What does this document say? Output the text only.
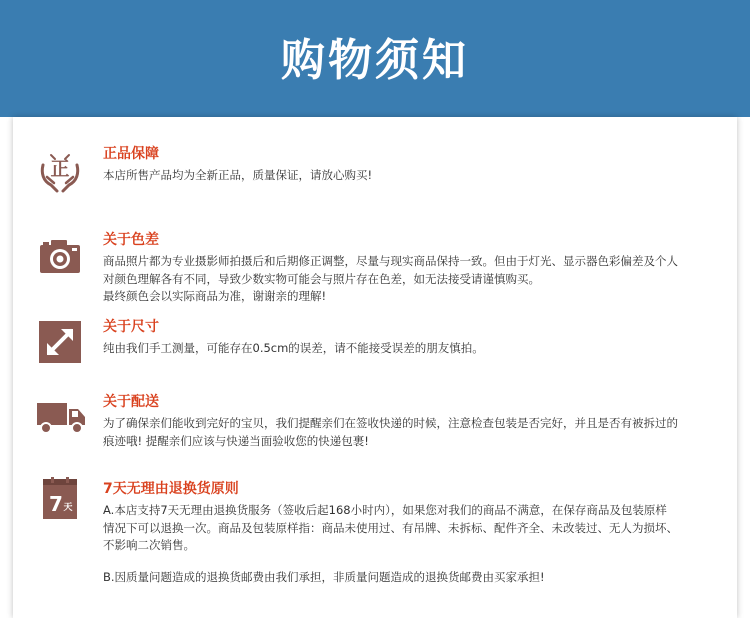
购物须知
正
正品保障
本店所售产品均为全新正品，质量保证，请放心购买!
关于色差
商品照片都为专业摄影师拍摄后和后期修正调整，尽量与现实商品保持一致。但由于灯光、显示器色彩偏差及个人
对颜色理解各有不同，导致少数实物可能会与照片存在色差，如无法接受请谨慎购买。
最终颜色会以实际商品为准，谢谢亲的理解!
关于尺寸
纯由我们手工测量，可能存在0.5cm的误差，请不能接受误差的朋友慎拍。
关于配送
为了确保亲们能收到完好的宝贝，我们提醒亲们在签收快递的时候，注意检查包装是否完好，并且是否有被拆过的
痕迹哦! 提醒亲们应该与快递当面验收您的快递包裹!
7 天
7天无理由退换货原则
A.本店支持7天无理由退换货服务（签收后起168小时内），如果您对我们的商品不满意，在保存商品及包装原样
情况下可以退换一次。商品及包装原样指：商品未使用过、有吊牌、未拆标、配件齐全、未改装过、无人为损坏、
不影响二次销售。
B.因质量问题造成的退换货邮费由我们承担，非质量问题造成的退换货邮费由买家承担!
